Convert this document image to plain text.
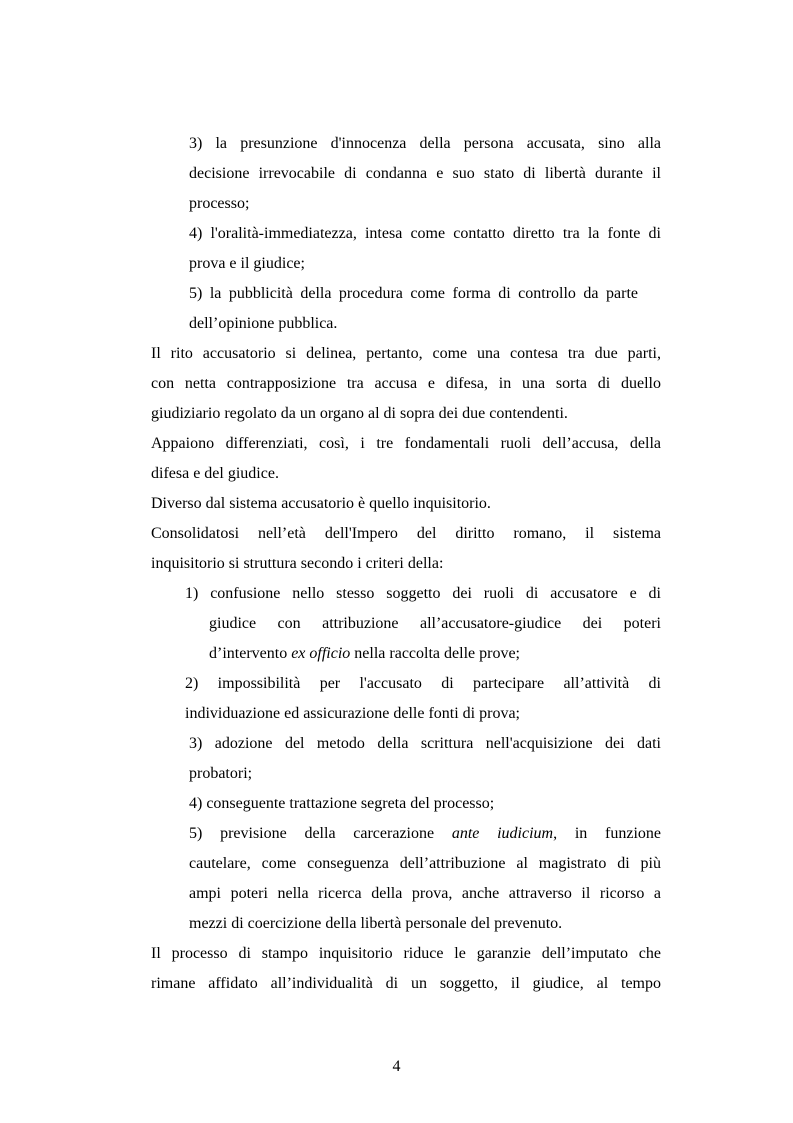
3) la presunzione d'innocenza della persona accusata, sino alla
decisione irrevocabile di condanna e suo stato di libertà durante il
processo;
4) l'oralità-immediatezza, intesa come contatto diretto tra la fonte di
prova e il giudice;
5) la pubblicità della procedura come forma di controllo da parte
dell’opinione pubblica.
Il rito accusatorio si delinea, pertanto, come una contesa tra due parti,
con netta contrapposizione tra accusa e difesa, in una sorta di duello
giudiziario regolato da un organo al di sopra dei due contendenti.
Appaiono differenziati, così, i tre fondamentali ruoli dell’accusa, della
difesa e del giudice.
Diverso dal sistema accusatorio è quello inquisitorio.
Consolidatosi nell’età dell'Impero del diritto romano, il sistema
inquisitorio si struttura secondo i criteri della:
1) confusione nello stesso soggetto dei ruoli di accusatore e di
giudice con attribuzione all’accusatore-giudice dei poteri
d’intervento ex officio nella raccolta delle prove;
2) impossibilità per l'accusato di partecipare all’attività di
individuazione ed assicurazione delle fonti di prova;
3) adozione del metodo della scrittura nell'acquisizione dei dati
probatori;
4) conseguente trattazione segreta del processo;
5) previsione della carcerazione ante iudicium, in funzione
cautelare, come conseguenza dell’attribuzione al magistrato di più
ampi poteri nella ricerca della prova, anche attraverso il ricorso a
mezzi di coercizione della libertà personale del prevenuto.
Il processo di stampo inquisitorio riduce le garanzie dell’imputato che
rimane affidato all’individualità di un soggetto, il giudice, al tempo
4
